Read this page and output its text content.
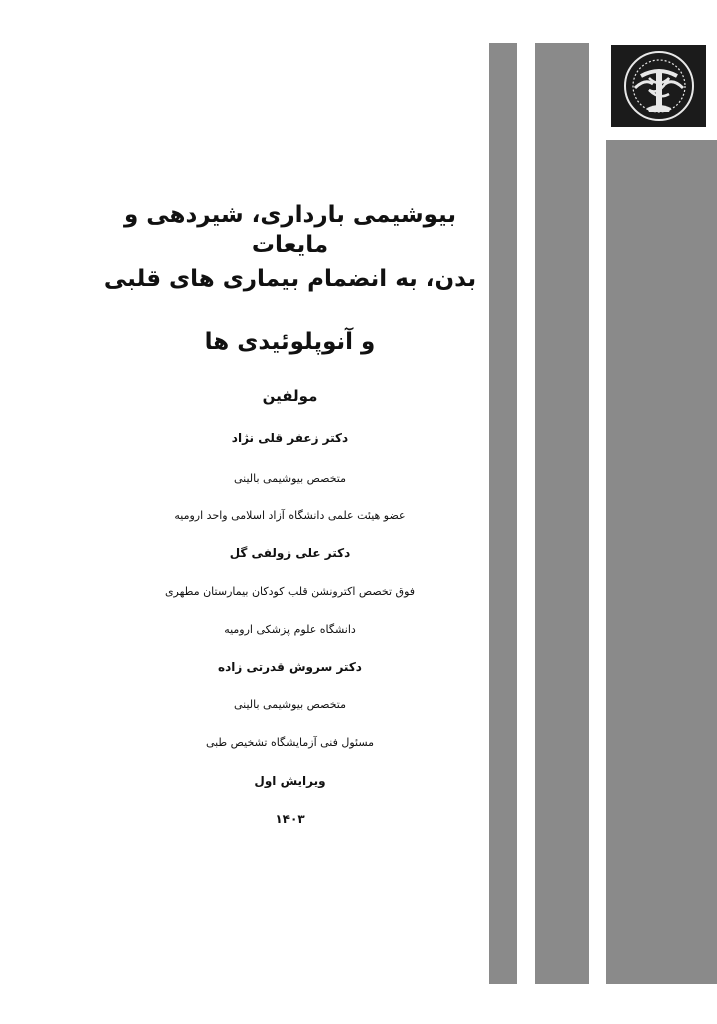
بیوشیمی بارداری، شیردهی و مایعات
بدن، به انضمام بیماری های قلبی
و آنوپلوئیدی ها
مولفین
دکتر زعفر قلی نژاد
متخصص بیوشیمی بالینی
عضو هیئت علمی دانشگاه آزاد اسلامی واحد ارومیه
دکتر علی زولفی گل
فوق تخصص اکترونشن قلب کودکان بیمارستان مطهری
دانشگاه علوم پزشکی ارومیه
دکتر سروش قدرتی زاده
متخصص بیوشیمی بالینی
مسئول فنی آزمایشگاه تشخیص طبی
ویرایش اول
۱۴۰۳
